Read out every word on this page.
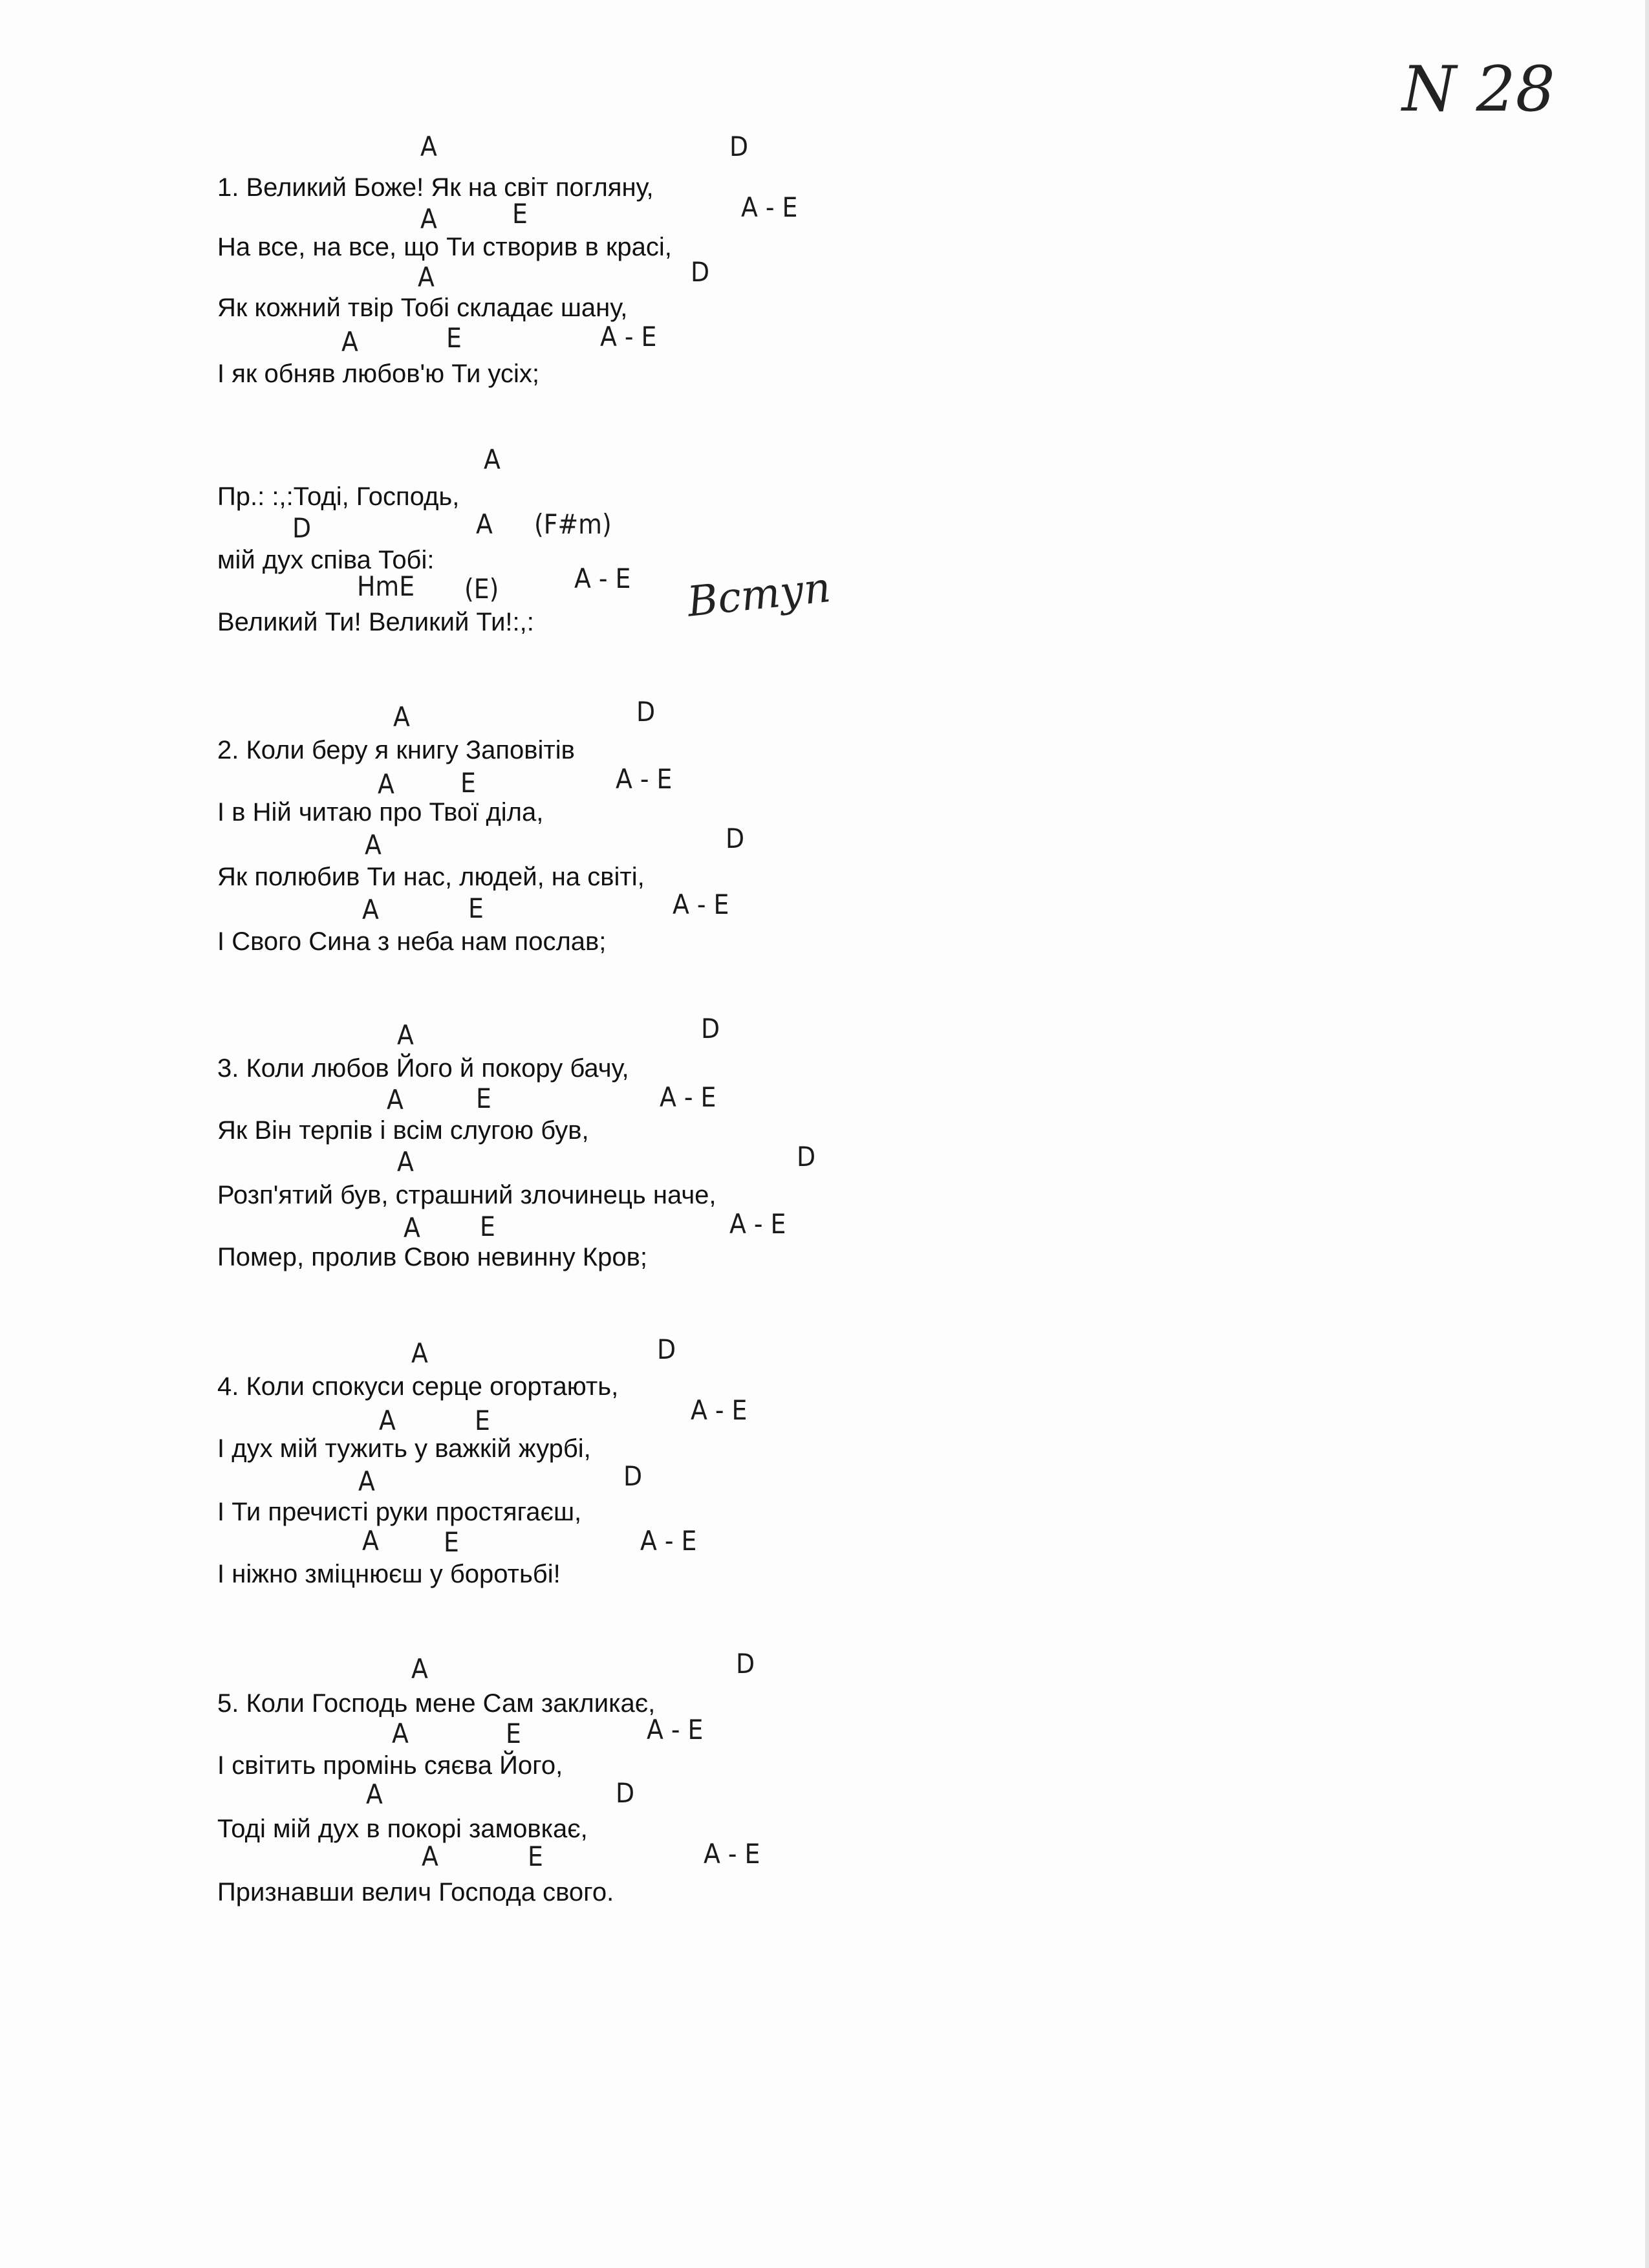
N 28
Вступ
1. Великий Боже! Як на світ погляну,
A	D
На все, на все, що Ти створив в красі,
A	E	A - E
Як кожний твір Тобі складає шану,
A	D
І як обняв любов'ю Ти усіх;
A	E	A - E
Пр.: :,:Тоді, Господь,
A
мій дух співа Тобі:
D	A (F#m)
Великий Ти! Великий Ти!:,:
HmE (E)	A - E
2. Коли беру я книгу Заповітів
A	D
І в Ній читаю про Твої діла,
A E	A - E
Як полюбив Ти нас, людей, на світі,
A	D
І Свого Сина з неба нам послав;
A	E	A - E
3. Коли любов Його й покору бачу,
A	D
Як Він терпів і всім слугою був,
A	E	A - E
Розп'ятий був, страшний злочинець наче,
A	D
Помер, пролив Свою невинну Кров;
A E	A - E
4. Коли спокуси серце огортають,
A	D
І дух мій тужить у важкій журбі,
A	E	A - E
І Ти пречисті руки простягаєш,
A	D
І ніжно зміцнюєш у боротьбі!
A E	A - E
5. Коли Господь мене Сам закликає,
A	D
І світить промінь сяєва Його,
A	E	A - E
Тоді мій дух в покорі замовкає,
A	D
Признавши велич Господа свого.
A	E	A - E
